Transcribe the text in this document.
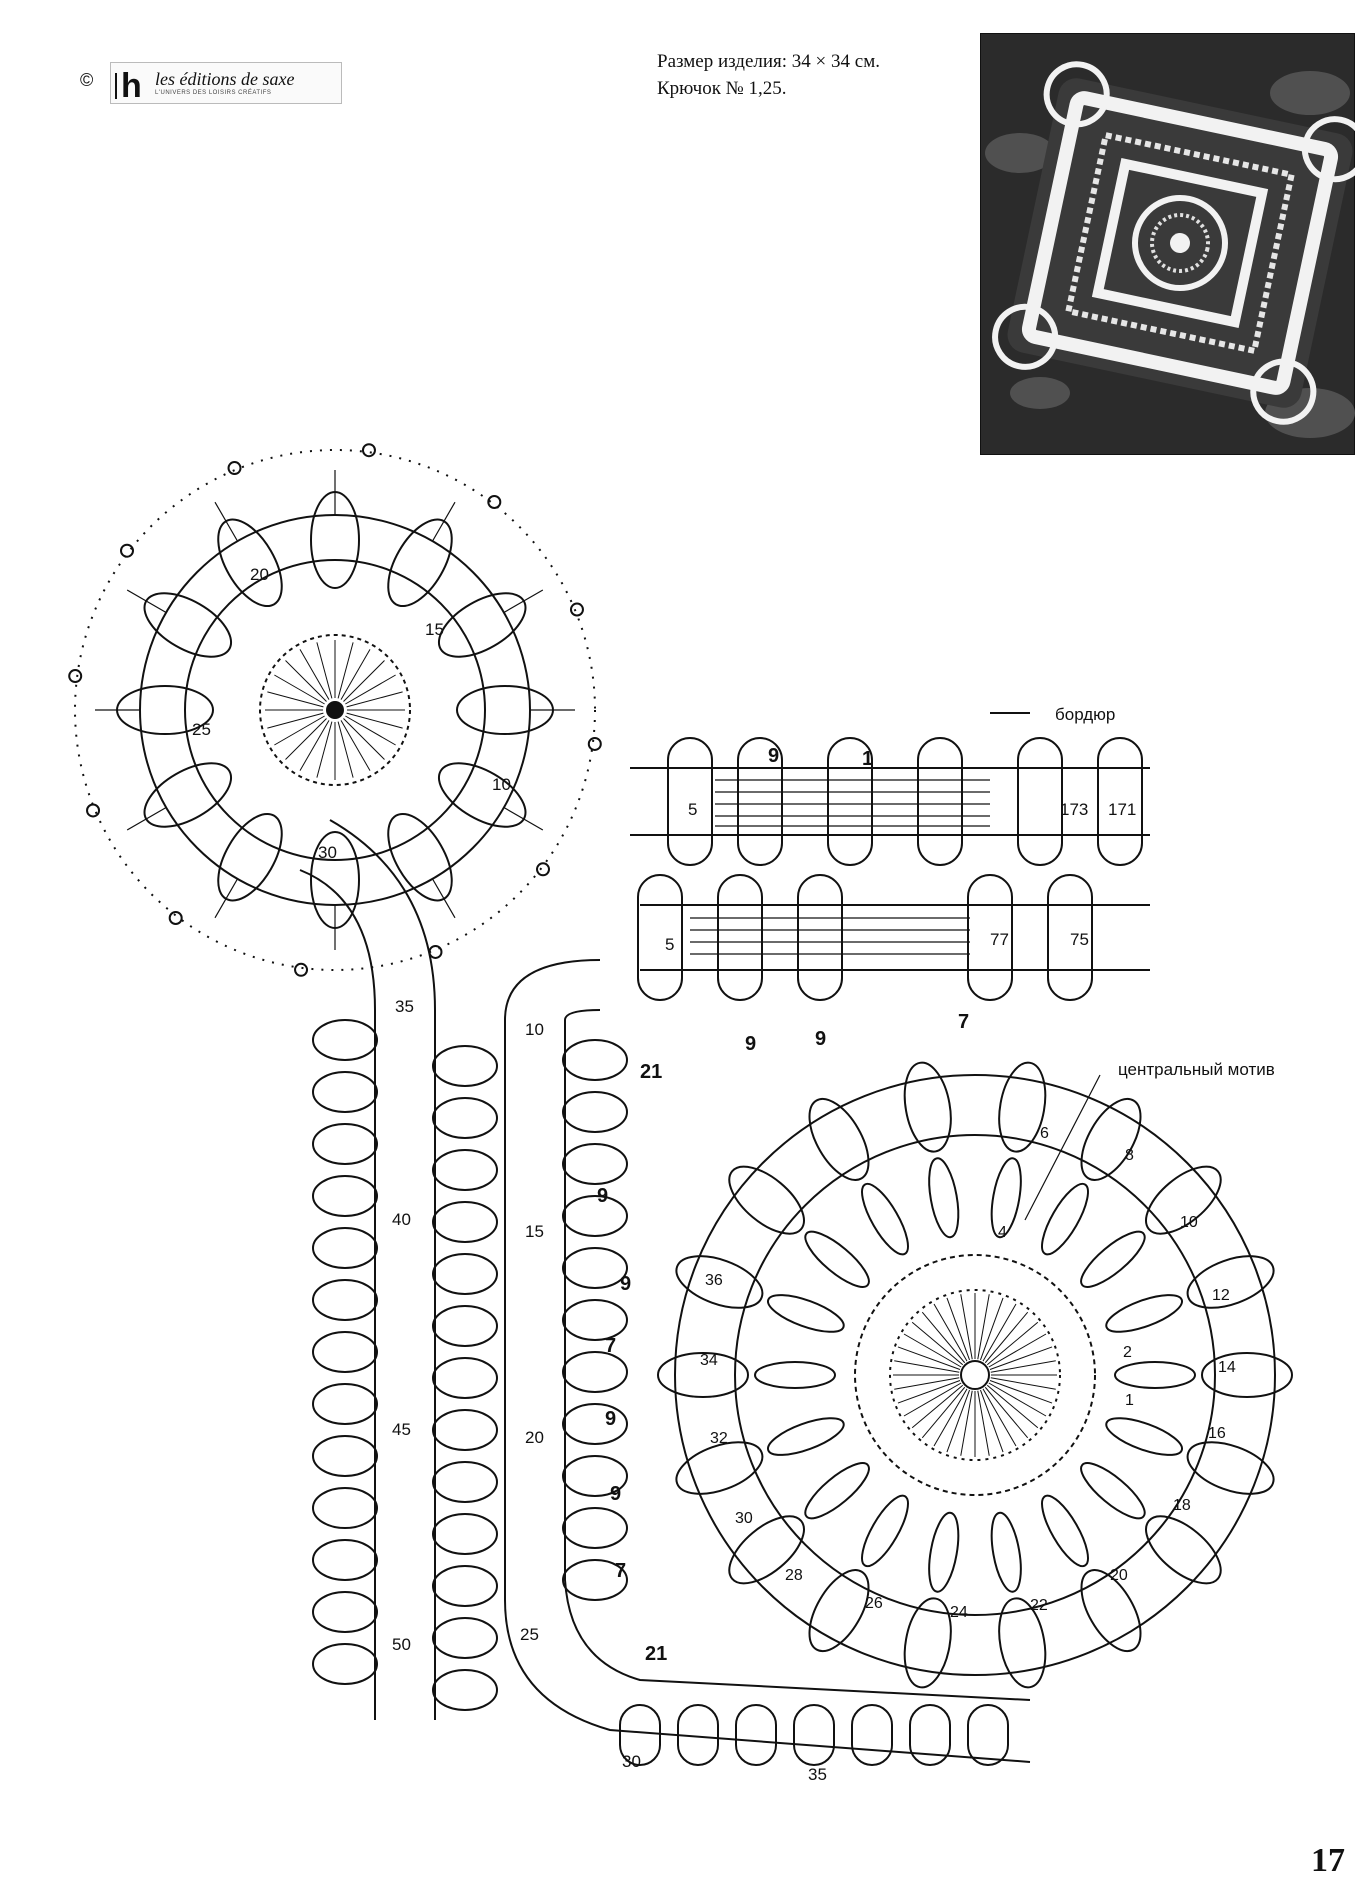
© h les éditions de saxe
L'UNIVERS DES LOISIRS CRÉATIFS
Размер изделия: 34 × 34 см.
Крючок № 1,25.
бордюр
центральный мотив
15
20
25
30
10
5	173 171
5	77	75
35
40
45
50
10
15
20
25
30
35
9	1
9	9
7
21
9
9
7
9
9
7
21
1
2
4
6
8
10
12
14
16
18
20
22
24
26
28
30
32
34
36
17
